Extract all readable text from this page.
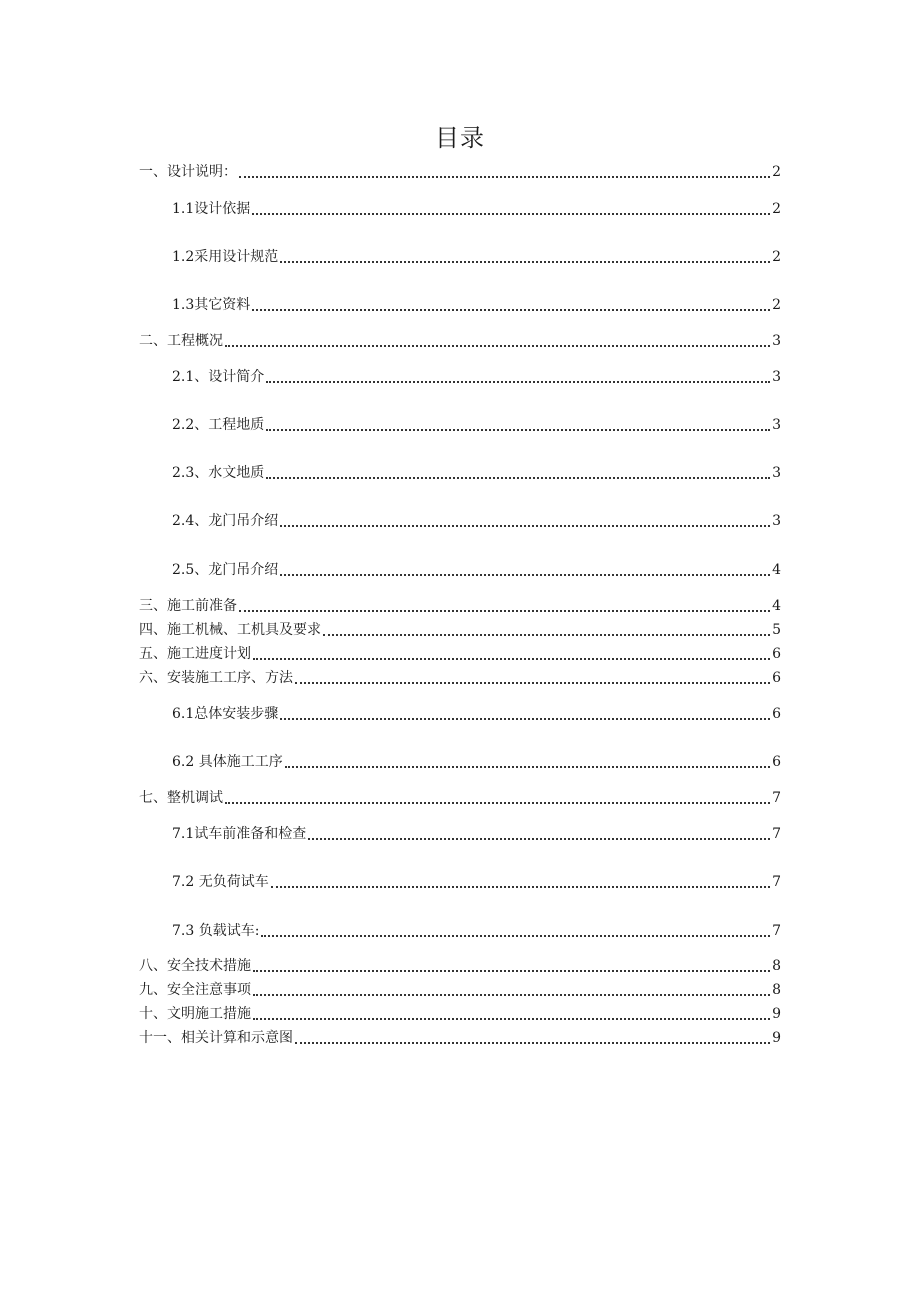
目录
一、设计说明：	2
1.1设计依据	2
1.2采用设计规范	2
1.3其它资料	2
二、工程概况	3
2.1、设计简介	3
2.2、工程地质	3
2.3、水文地质	3
2.4、龙门吊介绍	3
2.5、龙门吊介绍	4
三、施工前准备	4
四、施工机械、工机具及要求	5
五、施工进度计划	6
六、安装施工工序、方法	6
6.1总体安装步骤	6
6.2 具体施工工序	6
七、整机调试	7
7.1试车前准备和检查	7
7.2 无负荷试车	7
7.3 负载试车:	7
八、安全技术措施	8
九、安全注意事项	8
十、文明施工措施	9
十一、相关计算和示意图	9
